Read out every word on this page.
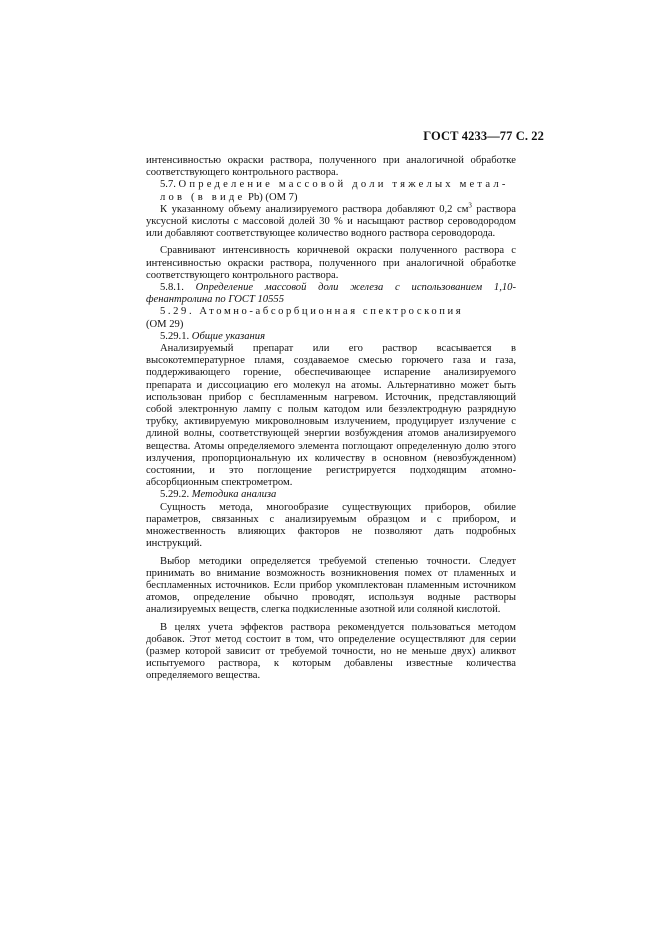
ГОСТ 4233—77 С. 22

интенсивностью окраски раствора, полученного при аналогичной обработке соответствующего контрольного раствора.

5.7. Определение массовой доли тяжелых метал-
лов (в виде Pb) (ОМ 7)

К указанному объему анализируемого раствора добавляют 0,2 $см^3$ раствора уксусной кислоты с массовой долей 30 % и насыщают раствор сероводородом или добавляют соответствующее количество водного раствора сероводорода.

Сравнивают интенсивность коричневой окраски полученного раствора с интенсивностью окраски раствора, полученного при аналогичной обработке соответствующего контрольного раствора.

5.8.1. Определение массовой доли железа с использованием 1,10-фенантролина по ГОСТ 10555

5.29. Атомно-абсорбционная спектроскопия

(ОМ 29)

5.29.1. Общие указания

Анализируемый препарат или его раствор всасывается в высокотемпературное пламя, создаваемое смесью горючего газа и газа, поддерживающего горение, обеспечивающее испарение анализируемого препарата и диссоциацию его молекул на атомы. Альтернативно может быть использован прибор с беспламенным нагревом. Источник, представляющий собой электронную лампу с полым катодом или безэлектродную разрядную трубку, активируемую микроволновым излучением, продуцирует излучение с длиной волны, соответствующей энергии возбуждения атомов анализируемого вещества. Атомы определяемого элемента поглощают определенную долю этого излучения, пропорциональную их количеству в основном (невозбужденном) состоянии, и это поглощение регистрируется подходящим атомно-абсорбционным спектрометром.

5.29.2. Методика анализа

Сущность метода, многообразие существующих приборов, обилие параметров, связанных с анализируемым образцом и с прибором, и множественность влияющих факторов не позволяют дать подробных инструкций.

Выбор методики определяется требуемой степенью точности. Следует принимать во внимание возможность возникновения помех от пламенных и беспламенных источников. Если прибор укомплектован пламенным источником атомов, определение обычно проводят, используя водные растворы анализируемых веществ, слегка подкисленные азотной или соляной кислотой.

В целях учета эффектов раствора рекомендуется пользоваться методом добавок. Этот метод состоит в том, что определение осуществляют для серии (размер которой зависит от требуемой точности, но не меньше двух) аликвот испытуемого раствора, к которым добавлены известные количества определяемого вещества.
